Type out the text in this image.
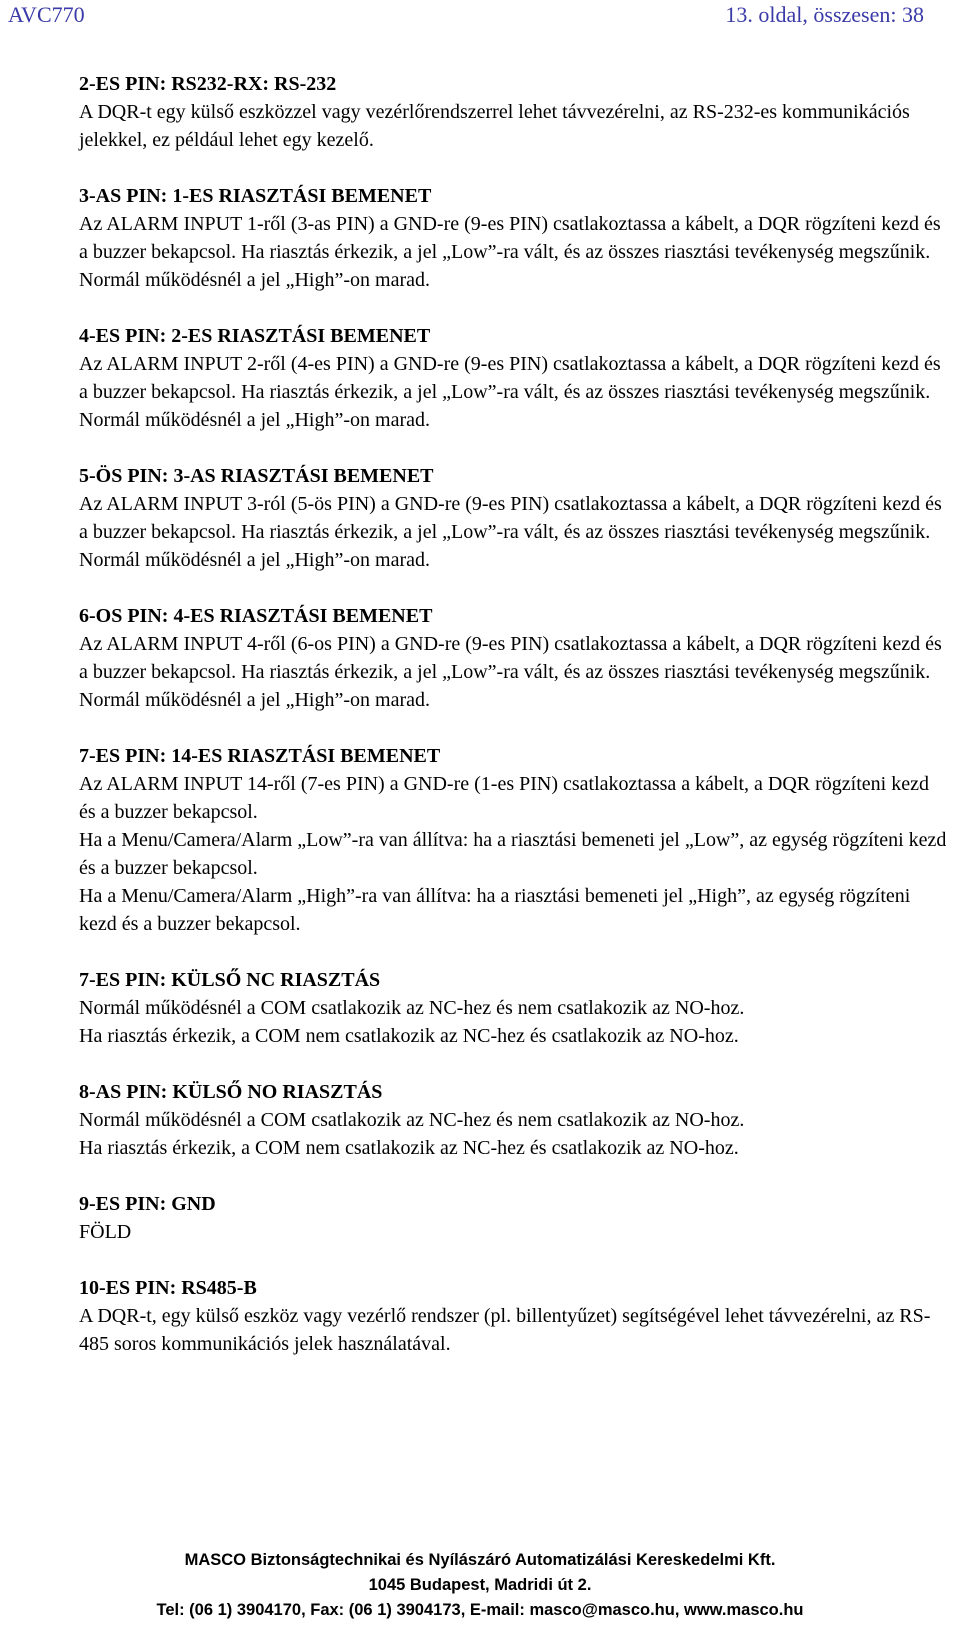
AVC770	13. oldal, összesen: 38
2-ES PIN: RS232-RX: RS-232

A DQR-t egy külső eszközzel vagy vezérlőrendszerrel lehet távvezérelni, az RS-232-es kommunikációs jelekkel, ez például lehet egy kezelő.

3-AS PIN: 1-ES RIASZTÁSI BEMENET

Az ALARM INPUT 1-ről (3-as PIN) a GND-re (9-es PIN) csatlakoztassa a kábelt, a DQR rögzíteni kezd és a buzzer bekapcsol. Ha riasztás érkezik, a jel „Low”-ra vált, és az összes riasztási tevékenység megszűnik. Normál működésnél a jel „High”-on marad.

4-ES PIN: 2-ES RIASZTÁSI BEMENET

Az ALARM INPUT 2-ről (4-es PIN) a GND-re (9-es PIN) csatlakoztassa a kábelt, a DQR rögzíteni kezd és a buzzer bekapcsol. Ha riasztás érkezik, a jel „Low”-ra vált, és az összes riasztási tevékenység megszűnik. Normál működésnél a jel „High”-on marad.

5-ÖS PIN: 3-AS RIASZTÁSI BEMENET

Az ALARM INPUT 3-ról (5-ös PIN) a GND-re (9-es PIN) csatlakoztassa a kábelt, a DQR rögzíteni kezd és a buzzer bekapcsol. Ha riasztás érkezik, a jel „Low”-ra vált, és az összes riasztási tevékenység megszűnik. Normál működésnél a jel „High”-on marad.

6-OS PIN: 4-ES RIASZTÁSI BEMENET

Az ALARM INPUT 4-ről (6-os PIN) a GND-re (9-es PIN) csatlakoztassa a kábelt, a DQR rögzíteni kezd és a buzzer bekapcsol. Ha riasztás érkezik, a jel „Low”-ra vált, és az összes riasztási tevékenység megszűnik. Normál működésnél a jel „High”-on marad.

7-ES PIN: 14-ES RIASZTÁSI BEMENET

Az ALARM INPUT 14-ről (7-es PIN) a GND-re (1-es PIN) csatlakoztassa a kábelt, a DQR rögzíteni kezd és a buzzer bekapcsol.

Ha a Menu/Camera/Alarm „Low”-ra van állítva: ha a riasztási bemeneti jel „Low”, az egység rögzíteni kezd és a buzzer bekapcsol.

Ha a Menu/Camera/Alarm „High”-ra van állítva: ha a riasztási bemeneti jel „High”, az egység rögzíteni kezd és a buzzer bekapcsol.

7-ES PIN: KÜLSŐ NC RIASZTÁS

Normál működésnél a COM csatlakozik az NC-hez és nem csatlakozik az NO-hoz.

Ha riasztás érkezik, a COM nem csatlakozik az NC-hez és csatlakozik az NO-hoz.

8-AS PIN: KÜLSŐ NO RIASZTÁS

Normál működésnél a COM csatlakozik az NC-hez és nem csatlakozik az NO-hoz.

Ha riasztás érkezik, a COM nem csatlakozik az NC-hez és csatlakozik az NO-hoz.

9-ES PIN: GND

FÖLD

10-ES PIN: RS485-B

A DQR-t, egy külső eszköz vagy vezérlő rendszer (pl. billentyűzet) segítségével lehet távvezérelni, az RS-485 soros kommunikációs jelek használatával.

MASCO Biztonságtechnikai és Nyílászáró Automatizálási Kereskedelmi Kft.
1045 Budapest, Madridi út 2.
Tel: (06 1) 3904170, Fax: (06 1) 3904173, E-mail: masco@masco.hu, www.masco.hu
